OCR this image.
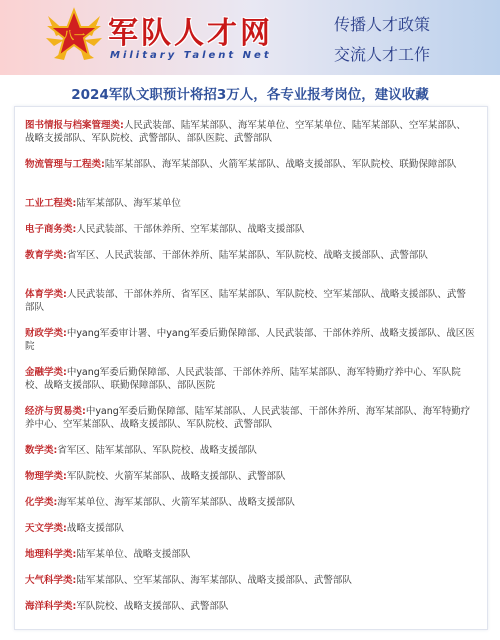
八一 军队人才网
Military Talent Net
传播人才政策
交流人才工作
2024军队文职预计将招3万人，各专业报考岗位，建议收藏
图书情报与档案管理类:人民武装部、陆军某部队、海军某单位、空军某单位、陆军某部队、空军某部队、战略支援部队、军队院校、武警部队、部队医院、武警部队
物流管理与工程类:陆军某部队、海军某部队、火箭军某部队、战略支援部队、军队院校、联勤保障部队
工业工程类:陆军某部队、海军某单位
电子商务类:人民武装部、干部休养所、空军某部队、战略支援部队
教育学类:省军区、人民武装部、干部休养所、陆军某部队、军队院校、战略支援部队、武警部队
体育学类:人民武装部、干部休养所、省军区、陆军某部队、军队院校、空军某部队、战略支援部队、武警部队
财政学类:中yang军委审计署、中yang军委后勤保障部、人民武装部、干部休养所、战略支援部队、战区医院
金融学类:中yang军委后勤保障部、人民武装部、干部休养所、陆军某部队、海军特勤疗养中心、军队院校、战略支援部队、联勤保障部队、部队医院
经济与贸易类:中yang军委后勤保障部、陆军某部队、人民武装部、干部休养所、海军某部队、海军特勤疗养中心、空军某部队、战略支援部队、军队院校、武警部队
数学类:省军区、陆军某部队、军队院校、战略支援部队
物理学类:军队院校、火箭军某部队、战略支援部队、武警部队
化学类:海军某单位、海军某部队、火箭军某部队、战略支援部队
天文学类:战略支援部队
地理科学类:陆军某单位、战略支援部队
大气科学类:陆军某部队、空军某部队、海军某部队、战略支援部队、武警部队
海洋科学类:军队院校、战略支援部队、武警部队
